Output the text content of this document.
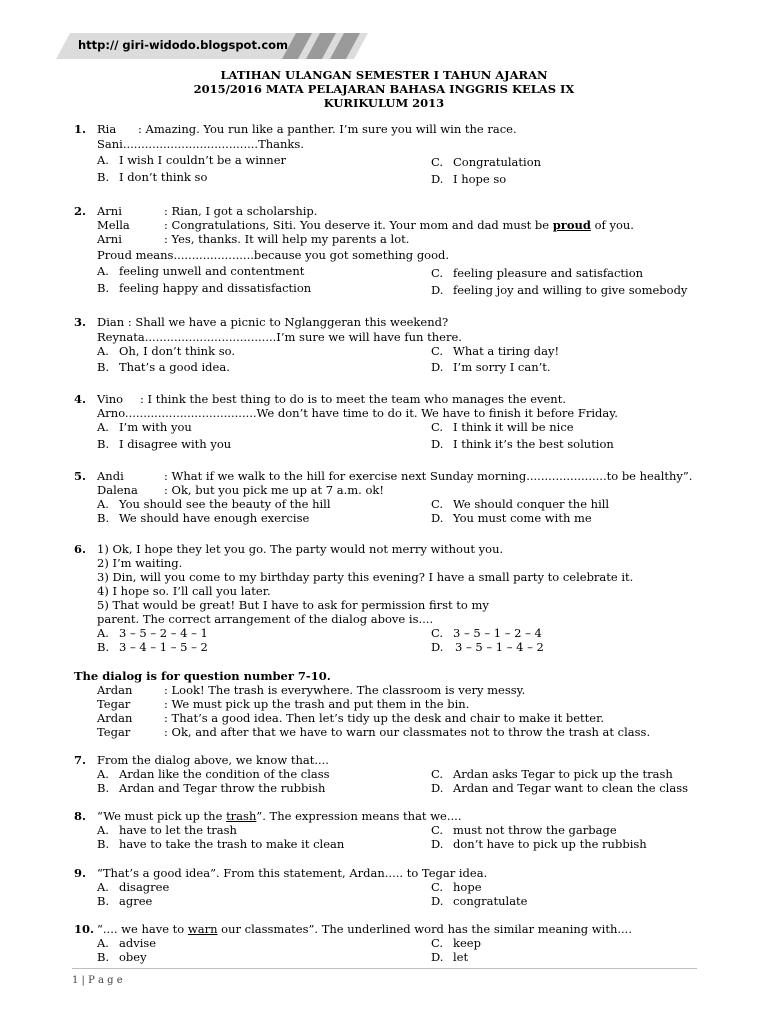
http:// giri-widodo.blogspot.com
LATIHAN ULANGAN SEMESTER I TAHUN AJARAN
2015/2016 MATA PELAJARAN BAHASA INGGRIS KELAS IX
KURIKULUM 2013
1. Ria : Amazing. You run like a panther. I’m sure you will win the race.
Sani.....................................Thanks.
A. I wish I couldn’t be a winner
B. I don’t think so
C. Congratulation
D. I hope so
2. Arni	: Rian, I got a scholarship.
Mella	: Congratulations, Siti. You deserve it. Your mom and dad must be proud of you.
Arni	: Yes, thanks. It will help my parents a lot.
Proud means......................because you got something good.
A. feeling unwell and contentment
B. feeling happy and dissatisfaction
C. feeling pleasure and satisfaction
D. feeling joy and willing to give somebody
3. Dian : Shall we have a picnic to Nglanggeran this weekend?
Reynata....................................I’m sure we will have fun there.
A. Oh, I don’t think so.
B. That’s a good idea.
C. What a tiring day!
D. I’m sorry I can’t.
4. Vino : I think the best thing to do is to meet the team who manages the event.
Arno....................................We don’t have time to do it. We have to finish it before Friday.
A. I’m with you
B. I disagree with you
C. I think it will be nice
D. I think it’s the best solution
5. Andi	: What if we walk to the hill for exercise next Sunday morning......................to be healthy”.
Dalena : Ok, but you pick me up at 7 a.m. ok!
A. You should see the beauty of the hill
B. We should have enough exercise
C. We should conquer the hill
D. You must come with me
6. 1) Ok, I hope they let you go. The party would not merry without you.
2) I’m waiting.
3) Din, will you come to my birthday party this evening? I have a small party to celebrate it.
4) I hope so. I’ll call you later.
5) That would be great! But I have to ask for permission first to my
parent. The correct arrangement of the dialog above is....
A. 3 – 5 – 2 – 4 – 1
B. 3 – 4 – 1 – 5 – 2
C. 3 – 5 – 1 – 2 – 4
D. 3 – 5 – 1 – 4 – 2
The dialog is for question number 7-10.
Ardan	: Look! The trash is everywhere. The classroom is very messy.
Tegar	: We must pick up the trash and put them in the bin.
Ardan	: That’s a good idea. Then let’s tidy up the desk and chair to make it better.
Tegar	: Ok, and after that we have to warn our classmates not to throw the trash at class.
7. From the dialog above, we know that....
A. Ardan like the condition of the class
B. Ardan and Tegar throw the rubbish
C. Ardan asks Tegar to pick up the trash
D. Ardan and Tegar want to clean the class
8. “We must pick up the trash”. The expression means that we....
A. have to let the trash
B. have to take the trash to make it clean
C. must not throw the garbage
D. don’t have to pick up the rubbish
9. “That’s a good idea”. From this statement, Ardan..... to Tegar idea.
A. disagree
B. agree
C. hope
D. congratulate
10. “.... we have to warn our classmates”. The underlined word has the similar meaning with....
A. advise
B. obey
C. keep
D. let
1 | P a g e
